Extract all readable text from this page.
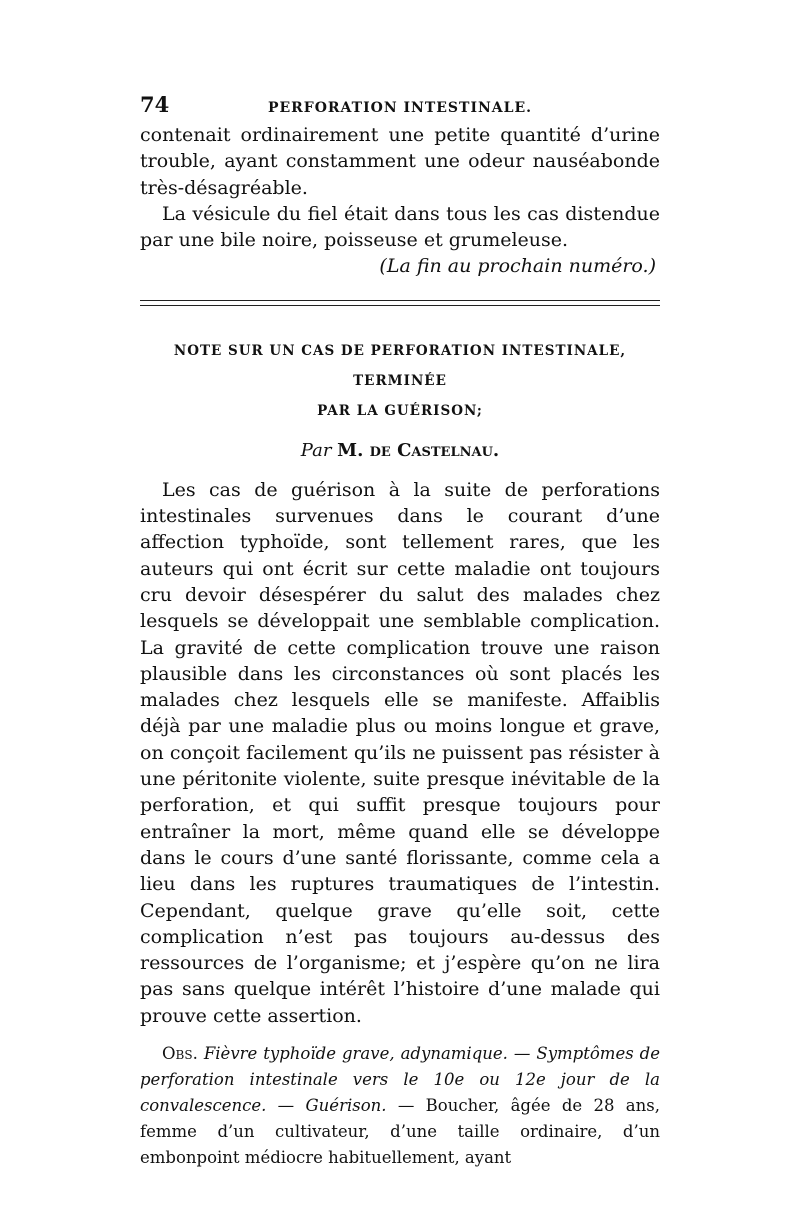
74	PERFORATION INTESTINALE.

contenait ordinairement une petite quantité d’urine trouble, ayant constamment une odeur nauséabonde très-désagréable.

La vésicule du fiel était dans tous les cas distendue par une bile noire, poisseuse et grumeleuse.

(La fin au prochain numéro.)

NOTE SUR UN CAS DE PERFORATION INTESTINALE, TERMINÉE
PAR LA GUÉRISON;
Par M. de Castelnau.

Les cas de guérison à la suite de perforations intestinales survenues dans le courant d’une affection typhoïde, sont tellement rares, que les auteurs qui ont écrit sur cette maladie ont toujours cru devoir désespérer du salut des malades chez lesquels se développait une semblable complication. La gravité de cette complication trouve une raison plausible dans les circonstances où sont placés les malades chez lesquels elle se manifeste. Affaiblis déjà par une maladie plus ou moins longue et grave, on conçoit facilement qu’ils ne puissent pas résister à une péritonite violente, suite presque inévitable de la perforation, et qui suffit presque toujours pour entraîner la mort, même quand elle se développe dans le cours d’une santé florissante, comme cela a lieu dans les ruptures traumatiques de l’intestin. Cependant, quelque grave qu’elle soit, cette complication n’est pas toujours au-dessus des ressources de l’organisme; et j’espère qu’on ne lira pas sans quelque intérêt l’histoire d’une malade qui prouve cette assertion.

Obs. Fièvre typhoïde grave, adynamique. — Symptômes de perforation intestinale vers le 10e ou 12e jour de la convalescence. — Guérison. — Boucher, âgée de 28 ans, femme d’un cultivateur, d’une taille ordinaire, d’un embonpoint médiocre habituellement, ayant
